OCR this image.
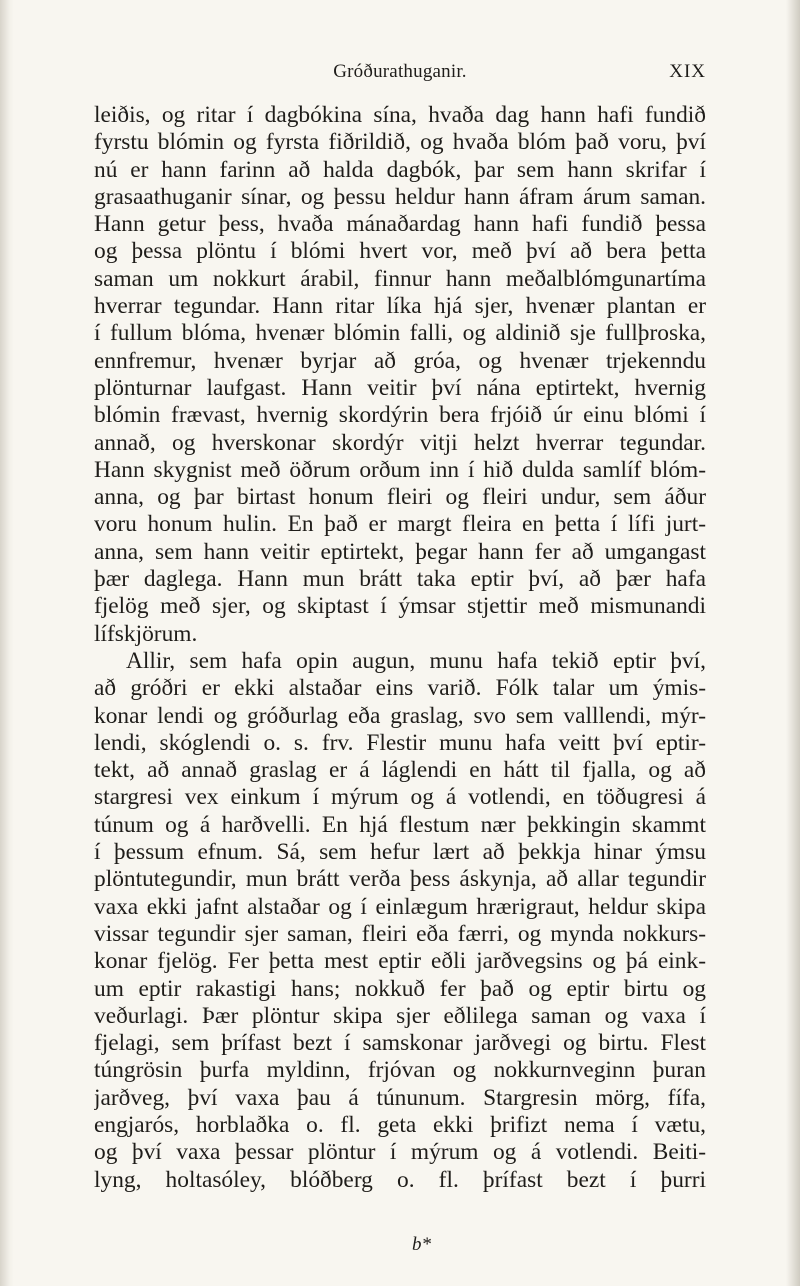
Gróðurathuganir.	XIX
leiðis, og ritar í dagbókina sína, hvaða dag hann hafi fundið
fyrstu blómin og fyrsta fiðrildið, og hvaða blóm það voru, því
nú er hann farinn að halda dagbók, þar sem hann skrifar í
grasaathuganir sínar, og þessu heldur hann áfram árum saman.
Hann getur þess, hvaða mánaðardag hann hafi fundið þessa
og þessa plöntu í blómi hvert vor, með því að bera þetta
saman um nokkurt árabil, finnur hann meðalblómgunartíma
hverrar tegundar. Hann ritar líka hjá sjer, hvenær plantan er
í fullum blóma, hvenær blómin falli, og aldinið sje fullþroska,
ennfremur, hvenær byrjar að gróa, og hvenær trjekenndu
plönturnar laufgast. Hann veitir því nána eptirtekt, hvernig
blómin frævast, hvernig skordýrin bera frjóið úr einu blómi í
annað, og hverskonar skordýr vitji helzt hverrar tegundar.
Hann skygnist með öðrum orðum inn í hið dulda samlíf blóm-
anna, og þar birtast honum fleiri og fleiri undur, sem áður
voru honum hulin. En það er margt fleira en þetta í lífi jurt-
anna, sem hann veitir eptirtekt, þegar hann fer að umgangast
þær daglega. Hann mun brátt taka eptir því, að þær hafa
fjelög með sjer, og skiptast í ýmsar stjettir með mismunandi
lífskjörum.
Allir, sem hafa opin augun, munu hafa tekið eptir því,
að gróðri er ekki alstaðar eins varið. Fólk talar um ýmis-
konar lendi og gróðurlag eða graslag, svo sem valllendi, mýr-
lendi, skóglendi o. s. frv. Flestir munu hafa veitt því eptir-
tekt, að annað graslag er á láglendi en hátt til fjalla, og að
stargresi vex einkum í mýrum og á votlendi, en töðugresi á
túnum og á harðvelli. En hjá flestum nær þekkingin skammt
í þessum efnum. Sá, sem hefur lært að þekkja hinar ýmsu
plöntutegundir, mun brátt verða þess áskynja, að allar tegundir
vaxa ekki jafnt alstaðar og í einlægum hrærigraut, heldur skipa
vissar tegundir sjer saman, fleiri eða færri, og mynda nokkurs-
konar fjelög. Fer þetta mest eptir eðli jarðvegsins og þá eink-
um eptir rakastigi hans; nokkuð fer það og eptir birtu og
veðurlagi. Þær plöntur skipa sjer eðlilega saman og vaxa í
fjelagi, sem þrífast bezt í samskonar jarðvegi og birtu. Flest
túngrösin þurfa myldinn, frjóvan og nokkurnveginn þuran
jarðveg, því vaxa þau á túnunum. Stargresin mörg, fífa,
engjarós, horblaðka o. fl. geta ekki þrifizt nema í vætu,
og því vaxa þessar plöntur í mýrum og á votlendi. Beiti-
lyng, holtasóley, blóðberg o. fl. þrífast bezt í þurri
b*
